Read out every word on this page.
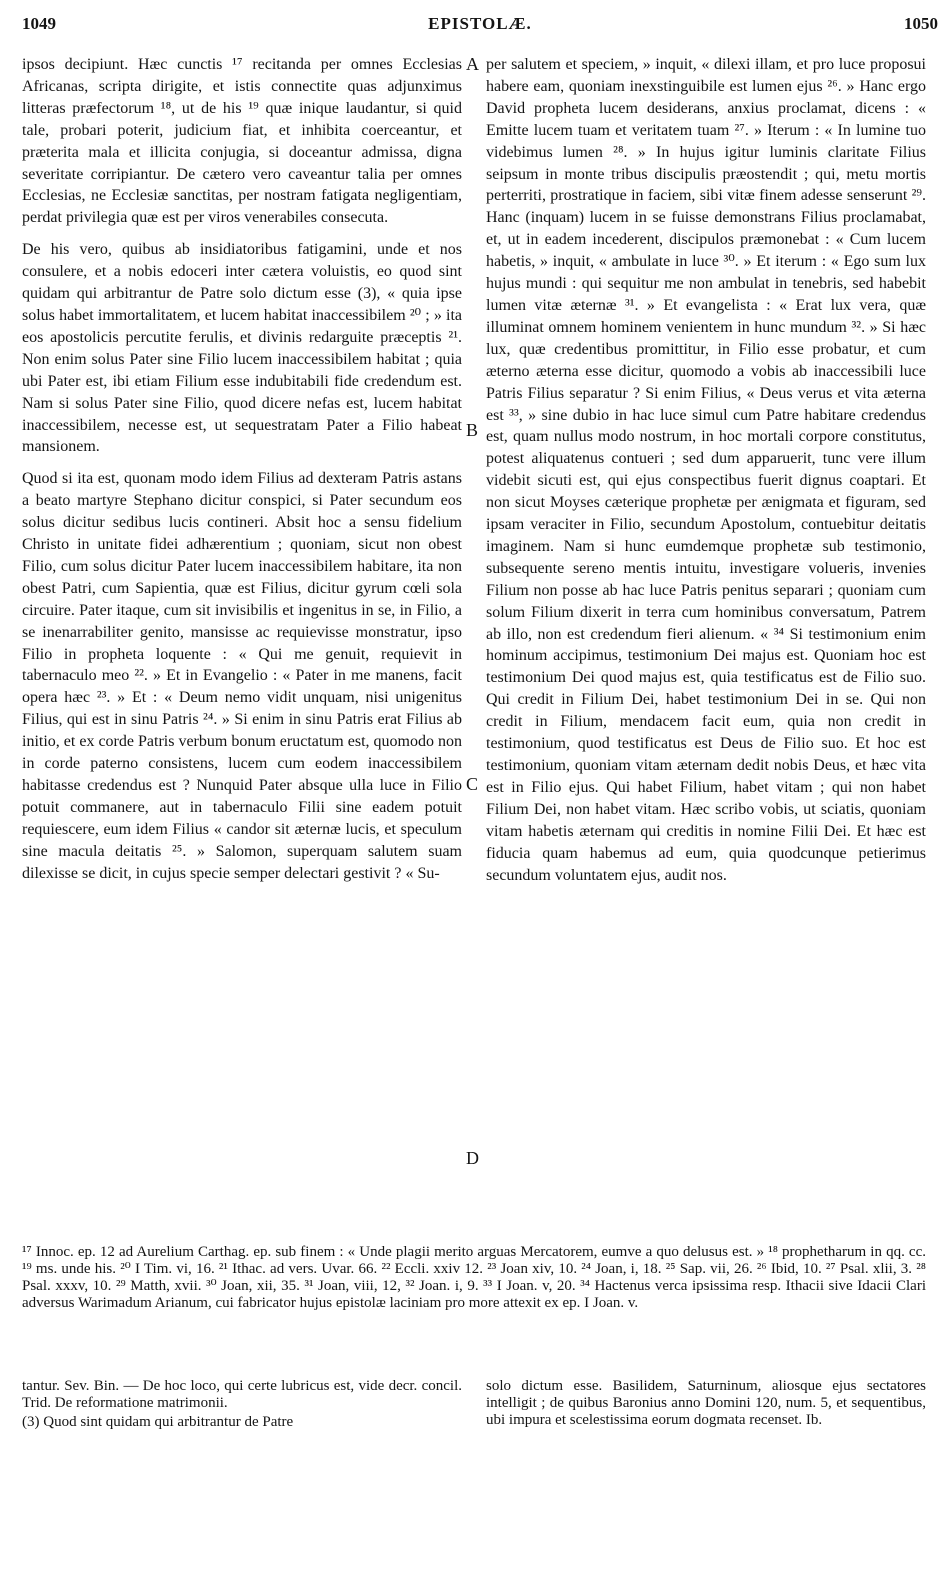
1049	EPISTOLÆ.	1050

ipsos decipiunt. Hæc cunctis ¹⁷ recitanda per omnes Ecclesias Africanas, scripta dirigite, et istis connectite quas adjunximus litteras præfectorum ¹⁸, ut de his ¹⁹ quæ inique laudantur, si quid tale, probari poterit, judicium fiat, et inhibita coerceantur, et præterita mala et illicita conjugia, si doceantur admissa, digna severitate corripiantur. De cætero vero caveantur talia per omnes Ecclesias, ne Ecclesiæ sanctitas, per nostram fatigata negligentiam, perdat privilegia quæ est per viros venerabiles consecuta.

De his vero, quibus ab insidiatoribus fatigamini, unde et nos consulere, et a nobis edoceri inter cætera voluistis, eo quod sint quidam qui arbitrantur de Patre solo dictum esse (3), « quia ipse solus habet immortalitatem, et lucem habitat inaccessibilem ²⁰ ; » ita eos apostolicis percutite ferulis, et divinis redarguite præceptis ²¹. Non enim solus Pater sine Filio lucem inaccessibilem habitat ; quia ubi Pater est, ibi etiam Filium esse indubitabili fide credendum est. Nam si solus Pater sine Filio, quod dicere nefas est, lucem habitat inaccessibilem, necesse est, ut sequestratam Pater a Filio habeat mansionem.

Quod si ita est, quonam modo idem Filius ad dexteram Patris astans a beato martyre Stephano dicitur conspici, si Pater secundum eos solus dicitur sedibus lucis contineri. Absit hoc a sensu fidelium Christo in unitate fidei adhærentium ; quoniam, sicut non obest Filio, cum solus dicitur Pater lucem inaccessibilem habitare, ita non obest Patri, cum Sapientia, quæ est Filius, dicitur gyrum cœli sola circuire. Pater itaque, cum sit invisibilis et ingenitus in se, in Filio, a se inenarrabiliter genito, mansisse ac requievisse monstratur, ipso Filio in propheta loquente : « Qui me genuit, requievit in tabernaculo meo ²². » Et in Evangelio : « Pater in me manens, facit opera hæc ²³. » Et : « Deum nemo vidit unquam, nisi unigenitus Filius, qui est in sinu Patris ²⁴. » Si enim in sinu Patris erat Filius ab initio, et ex corde Patris verbum bonum eructatum est, quomodo non in corde paterno consistens, lucem cum eodem inaccessibilem habitasse credendus est ? Nunquid Pater absque ulla luce in Filio potuit commanere, aut in tabernaculo Filii sine eadem potuit requiescere, eum idem Filius « candor sit æternæ lucis, et speculum sine macula deitatis ²⁵. » Salomon, superquam salutem suam dilexisse se dicit, in cujus specie semper delectari gestivit ? « Su-

A
B
C
D

per salutem et speciem, » inquit, « dilexi illam, et pro luce proposui habere eam, quoniam inexstinguibile est lumen ejus ²⁶. » Hanc ergo David propheta lucem desiderans, anxius proclamat, dicens : « Emitte lucem tuam et veritatem tuam ²⁷. » Iterum : « In lumine tuo videbimus lumen ²⁸. » In hujus igitur luminis claritate Filius seipsum in monte tribus discipulis præostendit ; qui, metu mortis perterriti, prostratique in faciem, sibi vitæ finem adesse senserunt ²⁹. Hanc (inquam) lucem in se fuisse demonstrans Filius proclamabat, et, ut in eadem incederent, discipulos præmonebat : « Cum lucem habetis, » inquit, « ambulate in luce ³⁰. » Et iterum : « Ego sum lux hujus mundi : qui sequitur me non ambulat in tenebris, sed habebit lumen vitæ æternæ ³¹. » Et evangelista : « Erat lux vera, quæ illuminat omnem hominem venientem in hunc mundum ³². » Si hæc lux, quæ credentibus promittitur, in Filio esse probatur, et cum æterno æterna esse dicitur, quomodo a vobis ab inaccessibili luce Patris Filius separatur ? Si enim Filius, « Deus verus et vita æterna est ³³, » sine dubio in hac luce simul cum Patre habitare credendus est, quam nullus modo nostrum, in hoc mortali corpore constitutus, potest aliquatenus contueri ; sed dum apparuerit, tunc vere illum videbit sicuti est, qui ejus conspectibus fuerit dignus coaptari. Et non sicut Moyses cæterique prophetæ per ænigmata et figuram, sed ipsam veraciter in Filio, secundum Apostolum, contuebitur deitatis imaginem. Nam si hunc eumdemque prophetæ sub testimonio, subsequente sereno mentis intuitu, investigare volueris, invenies Filium non posse ab hac luce Patris penitus separari ; quoniam cum solum Filium dixerit in terra cum hominibus conversatum, Patrem ab illo, non est credendum fieri alienum. « ³⁴ Si testimonium enim hominum accipimus, testimonium Dei majus est. Quoniam hoc est testimonium Dei quod majus est, quia testificatus est de Filio suo. Qui credit in Filium Dei, habet testimonium Dei in se. Qui non credit in Filium, mendacem facit eum, quia non credit in testimonium, quod testificatus est Deus de Filio suo. Et hoc est testimonium, quoniam vitam æternam dedit nobis Deus, et hæc vita est in Filio ejus. Qui habet Filium, habet vitam ; qui non habet Filium Dei, non habet vitam. Hæc scribo vobis, ut sciatis, quoniam vitam habetis æternam qui creditis in nomine Filii Dei. Et hæc est fiducia quam habemus ad eum, quia quodcunque petierimus secundum voluntatem ejus, audit nos.

¹⁷ Innoc. ep. 12 ad Aurelium Carthag. ep. sub finem : « Unde plagii merito arguas Mercatorem, eumve a quo delusus est. » ¹⁸ prophetharum in qq. cc. ¹⁹ ms. unde his. ²⁰ I Tim. vi, 16. ²¹ Ithac. ad vers. Uvar. 66. ²² Eccli. xxiv 12. ²³ Joan xiv, 10. ²⁴ Joan, i, 18. ²⁵ Sap. vii, 26. ²⁶ Ibid, 10. ²⁷ Psal. xlii, 3. ²⁸ Psal. xxxv, 10. ²⁹ Matth, xvii. ³⁰ Joan, xii, 35. ³¹ Joan, viii, 12, ³² Joan. i, 9. ³³ I Joan. v, 20. ³⁴ Hactenus verca ipsissima resp. Ithacii sive Idacii Clari adversus Warimadum Arianum, cui fabricator hujus epistolæ laciniam pro more attexit ex ep. I Joan. v.

tantur. Sev. Bin. — De hoc loco, qui certe lubricus est, vide decr. concil. Trid. De reformatione matrimonii.

(3) Quod sint quidam qui arbitrantur de Patre

solo dictum esse. Basilidem, Saturninum, aliosque ejus sectatores intelligit ; de quibus Baronius anno Domini 120, num. 5, et sequentibus, ubi impura et scelestissima eorum dogmata recenset. Ib.
